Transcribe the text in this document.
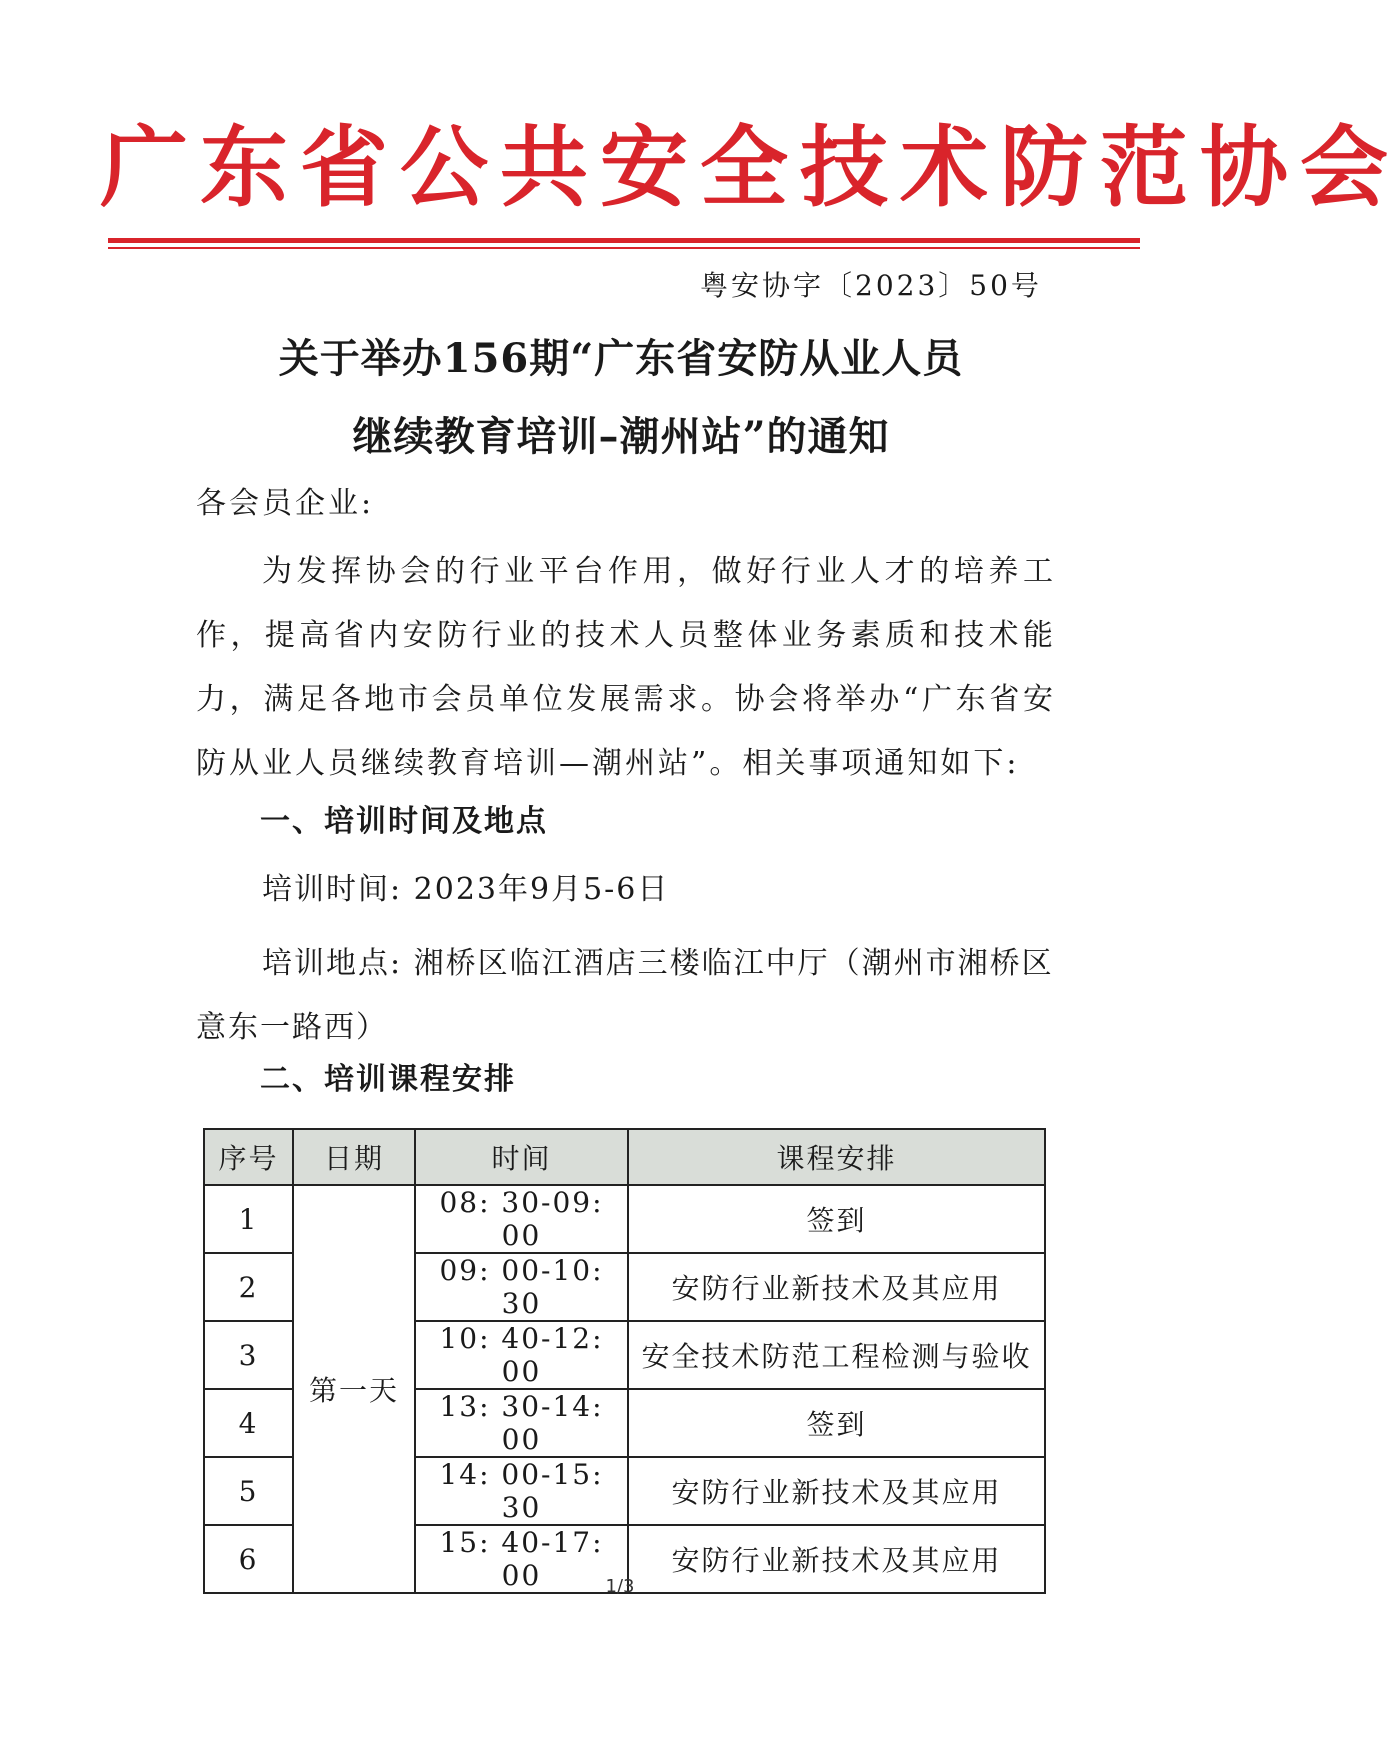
广东省公共安全技术防范协会
粤安协字〔2023〕50号
关于举办156期“广东省安防从业人员
继续教育培训–潮州站”的通知
各会员企业:
为发挥协会的行业平台作用，做好行业人才的培养工作，提高省内安防行业的技术人员整体业务素质和技术能力，满足各地市会员单位发展需求。协会将举办“广东省安防从业人员继续教育培训—潮州站”。相关事项通知如下:
一、培训时间及地点
培训时间: 2023年9月5-6日
培训地点: 湘桥区临江酒店三楼临江中厅（潮州市湘桥区意东一路西）
二、培训课程安排
序号	日期	时间	课程安排
1	第一天	08: 30-09: 00	签到
2		09: 00-10: 30	安防行业新技术及其应用
3		10: 40-12: 00	安全技术防范工程检测与验收
4		13: 30-14: 00	签到
5		14: 00-15: 30	安防行业新技术及其应用
6		15: 40-17: 00	安防行业新技术及其应用
1/3
